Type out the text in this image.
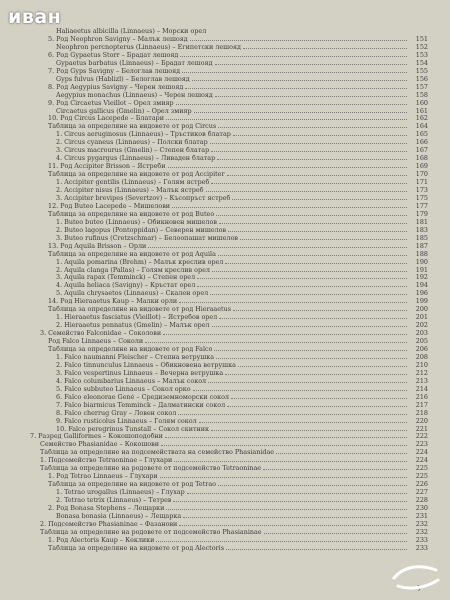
Haliaeetus albicilla (Linnaeus) – Морски орел
5. Род Neophron Savigny – Малък лешояд	151
Neophron percnopterus (Linnaeus) – Египетски лешояд	152
6. Род Gypaetus Storr – Брадат лешояд	153
Gypaetus barbatus (Linnaeus) – Брадат лешояд	154
7. Род Gyps Savigny – Белоглав лешояд	155
Gyps fulvus (Hablizl) – Белоглав лешояд	156
8. Род Aegypius Savigny – Черен лешояд	157
Aegypius monachus (Linnaeus) – Черен лешояд	158
9. Род Circaetus Vieillot – Орел змияр	160
Circaetus gallicus (Gmelin) – Орел змияр	161
10. Род Circus Lacepede – Блатари	162
Таблица за определяне на видовете от род Circus	164
1. Circus aeruginosus (Linnaeus) – Тръстиков блатар	165
2. Circus cyaneus (Linnaeus) – Полски блатар	166
3. Circus macrourus (Gmelin) – Степен блатар	167
4. Circus pygargus (Linnaeus) – Ливаден блатар	168
11. Род Accipiter Brisson – Ястреби	169
Таблица за определяне на видовете от род Accipiter	170
1. Accipiter gentilis (Linnaeus) – Голям ястреб	171
2. Accipiter nisus (Linnaeus) – Малък ястреб	173
3. Accipiter brevipes (Severtzov) – Късопръст ястреб	175
12. Род Buteo Lacepede – Мишелови	177
Таблица за определяне на видовете от род Buteo	179
1. Buteo buteo (Linnaeus) – Обикновен мишелов	181
2. Buteo lagopus (Pontoppidan) – Северен мишелов	183
3. Buteo rufinus (Cretzschmar) – Белоопашат мишелов	185
13. Род Aquila Brisson – Орли	187
Таблица за определяне на видовете от род Aquila	188
1. Aquila pomarina (Brehm) – Малък креслив орел	190
2. Aquila clanga (Pallas) – Голям креслив орел	191
3. Aquila rapax (Temminck) – Степен орел	192
4. Aquila heliaca (Savigny) – Кръстат орел	194
5. Aquila chrysaetos (Linnaeus) – Скален орел	196
14. Род Hieraaetus Kaup – Малки орли	199
Таблица за определяне на видовете от род Hieraaetus	200
1. Hieraaetus fasciatus (Vieillot) – Ястребов орел	201
2. Hieraaetus pennatus (Gmelin) – Малък орел	202
3. Семейство Falconidae – Соколови	203
Род Falco Linnaeus – Соколи	205
Таблица за определяне на видовете от род Falco	206
1. Falco naumanni Fleischer – Степна ветрушка	208
2. Falco tinnunculus Linnaeus – Обикновена ветрушка	210
3. Falco vespertinus Linnaeus – Вечерна ветрушка	212
4. Falco columbarius Linnaeus – Малък сокол	213
5. Falco subbuteo Linnaeus – Сокол орко	214
6. Falco eleonorae Gené – Средиземноморски сокол	216
7. Falco biarmicus Temminck – Далматински сокол	217
8. Falco cherrug Gray – Ловен сокол	218
9. Falco rusticolus Linnaeus – Голям сокол	220
10. Falco peregrinus Tunstall – Сокол скитник	221
7. Разред Galliformes – Кокошоподобни	222
Семейство Phasianidae – Кокошови	223
Таблица за определяне на подсемействата на семейство Phasianidae	224
1. Подсемейство Tetraoninae – Глухари	224
Таблица за определяне на родовете от подсемейство Tetraoninae	225
1. Род Tetrao Linnaeus – Глухари	225
Таблица за определяне на видовете от род Tetrao	226
1. Tetrao urogallus (Linnaeus) – Глухар	227
2. Tetrao tetrix (Linnaeus) – Тетрев	228
2. Род Bonasa Stephens – Лещарки	230
Bonasa bonasia (Linnaeus) – Лещарка	231
2. Подсемейство Phasianinae – Фазанови	232
Таблица за определяне на родовете от подсемейство Phasianinae	232
1. Род Alectoris Kaup – Кеклики	233
Таблица за определяне на видовете от род Alectoris	233
иван
7
